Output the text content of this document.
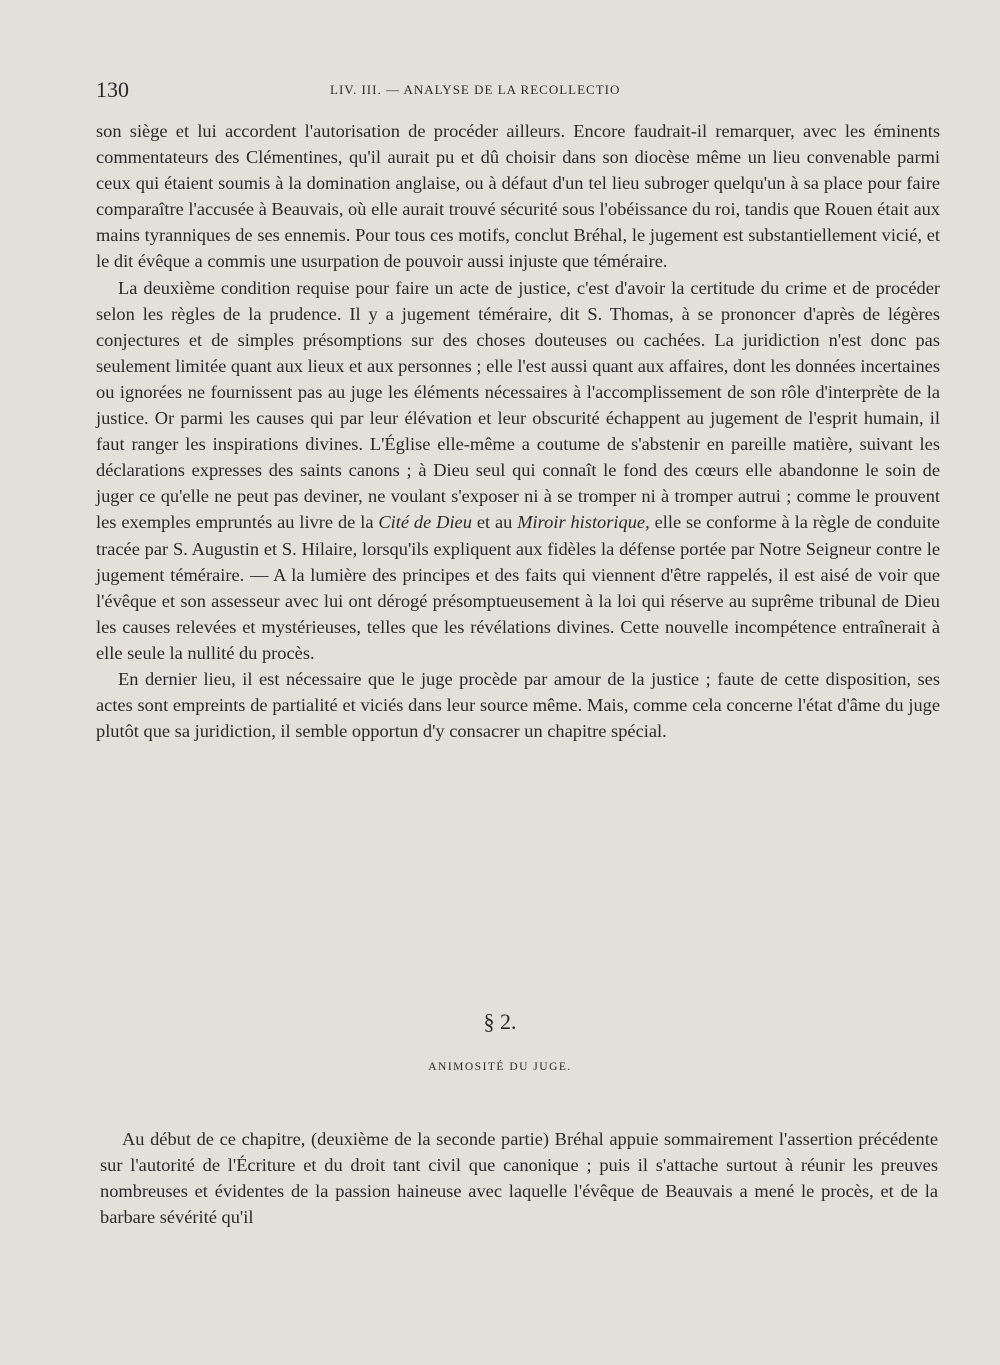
130	LIV. III. — ANALYSE DE LA RECOLLECTIO

son siège et lui accordent l'autorisation de procéder ailleurs. Encore faudrait-il remarquer, avec les éminents commentateurs des Clémentines, qu'il aurait pu et dû choisir dans son diocèse même un lieu convenable parmi ceux qui étaient soumis à la domination anglaise, ou à défaut d'un tel lieu subroger quelqu'un à sa place pour faire comparaître l'accusée à Beauvais, où elle aurait trouvé sécurité sous l'obéissance du roi, tandis que Rouen était aux mains tyranniques de ses ennemis. Pour tous ces motifs, conclut Bréhal, le jugement est substantiellement vicié, et le dit évêque a commis une usurpation de pouvoir aussi injuste que téméraire.

La deuxième condition requise pour faire un acte de justice, c'est d'avoir la certitude du crime et de procéder selon les règles de la prudence. Il y a jugement téméraire, dit S. Thomas, à se prononcer d'après de légères conjectures et de simples présomptions sur des choses douteuses ou cachées. La juridiction n'est donc pas seulement limitée quant aux lieux et aux personnes ; elle l'est aussi quant aux affaires, dont les données incertaines ou ignorées ne fournissent pas au juge les éléments nécessaires à l'accomplissement de son rôle d'interprète de la justice. Or parmi les causes qui par leur élévation et leur obscurité échappent au jugement de l'esprit humain, il faut ranger les inspirations divines. L'Église elle-même a coutume de s'abstenir en pareille matière, suivant les déclarations expresses des saints canons ; à Dieu seul qui connaît le fond des cœurs elle abandonne le soin de juger ce qu'elle ne peut pas deviner, ne voulant s'exposer ni à se tromper ni à tromper autrui ; comme le prouvent les exemples empruntés au livre de la Cité de Dieu et au Miroir historique, elle se conforme à la règle de conduite tracée par S. Augustin et S. Hilaire, lorsqu'ils expliquent aux fidèles la défense portée par Notre Seigneur contre le jugement téméraire. — A la lumière des principes et des faits qui viennent d'être rappelés, il est aisé de voir que l'évêque et son assesseur avec lui ont dérogé présomptueusement à la loi qui réserve au suprême tribunal de Dieu les causes relevées et mystérieuses, telles que les révélations divines. Cette nouvelle incompétence entraînerait à elle seule la nullité du procès.

En dernier lieu, il est nécessaire que le juge procède par amour de la justice ; faute de cette disposition, ses actes sont empreints de partialité et viciés dans leur source même. Mais, comme cela concerne l'état d'âme du juge plutôt que sa juridiction, il semble opportun d'y consacrer un chapitre spécial.

§ 2.
ANIMOSITÉ DU JUGE.

Au début de ce chapitre, (deuxième de la seconde partie) Bréhal appuie sommairement l'assertion précédente sur l'autorité de l'Écriture et du droit tant civil que canonique ; puis il s'attache surtout à réunir les preuves nombreuses et évidentes de la passion haineuse avec laquelle l'évêque de Beauvais a mené le procès, et de la barbare sévérité qu'il
